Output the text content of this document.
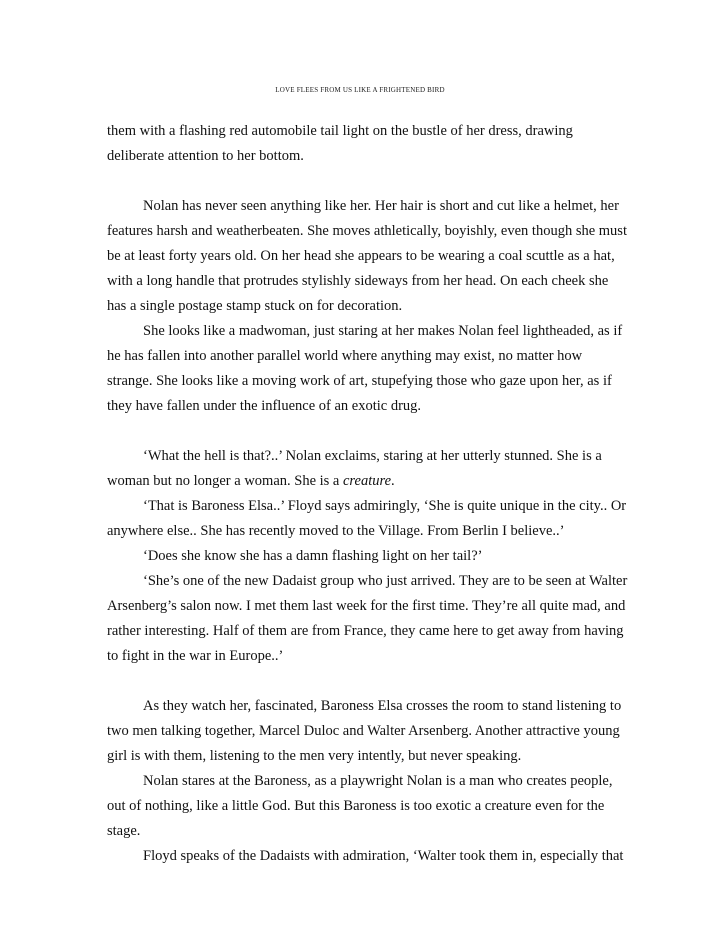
LOVE FLEES FROM US LIKE A FRIGHTENED BIRD
them with a flashing red automobile tail light on the bustle of her dress, drawing
deliberate attention to her bottom.
Nolan has never seen anything like her. Her hair is short and cut like a helmet, her
features harsh and weatherbeaten. She moves athletically, boyishly, even though she must
be at least forty years old. On her head she appears to be wearing a coal scuttle as a hat,
with a long handle that protrudes stylishly sideways from her head. On each cheek she
has a single postage stamp stuck on for decoration.
She looks like a madwoman, just staring at her makes Nolan feel lightheaded, as if
he has fallen into another parallel world where anything may exist, no matter how
strange. She looks like a moving work of art, stupefying those who gaze upon her, as if
they have fallen under the influence of an exotic drug.
‘What the hell is that?..’ Nolan exclaims, staring at her utterly stunned. She is a
woman but no longer a woman. She is a creature.
‘That is Baroness Elsa..’ Floyd says admiringly, ‘She is quite unique in the city.. Or
anywhere else.. She has recently moved to the Village. From Berlin I believe..’
‘Does she know she has a damn flashing light on her tail?’
‘She’s one of the new Dadaist group who just arrived. They are to be seen at Walter
Arsenberg’s salon now. I met them last week for the first time. They’re all quite mad, and
rather interesting. Half of them are from France, they came here to get away from having
to fight in the war in Europe..’
As they watch her, fascinated, Baroness Elsa crosses the room to stand listening to
two men talking together, Marcel Duloc and Walter Arsenberg. Another attractive young
girl is with them, listening to the men very intently, but never speaking.
Nolan stares at the Baroness, as a playwright Nolan is a man who creates people,
out of nothing, like a little God. But this Baroness is too exotic a creature even for the
stage.
Floyd speaks of the Dadaists with admiration, ‘Walter took them in, especially that
